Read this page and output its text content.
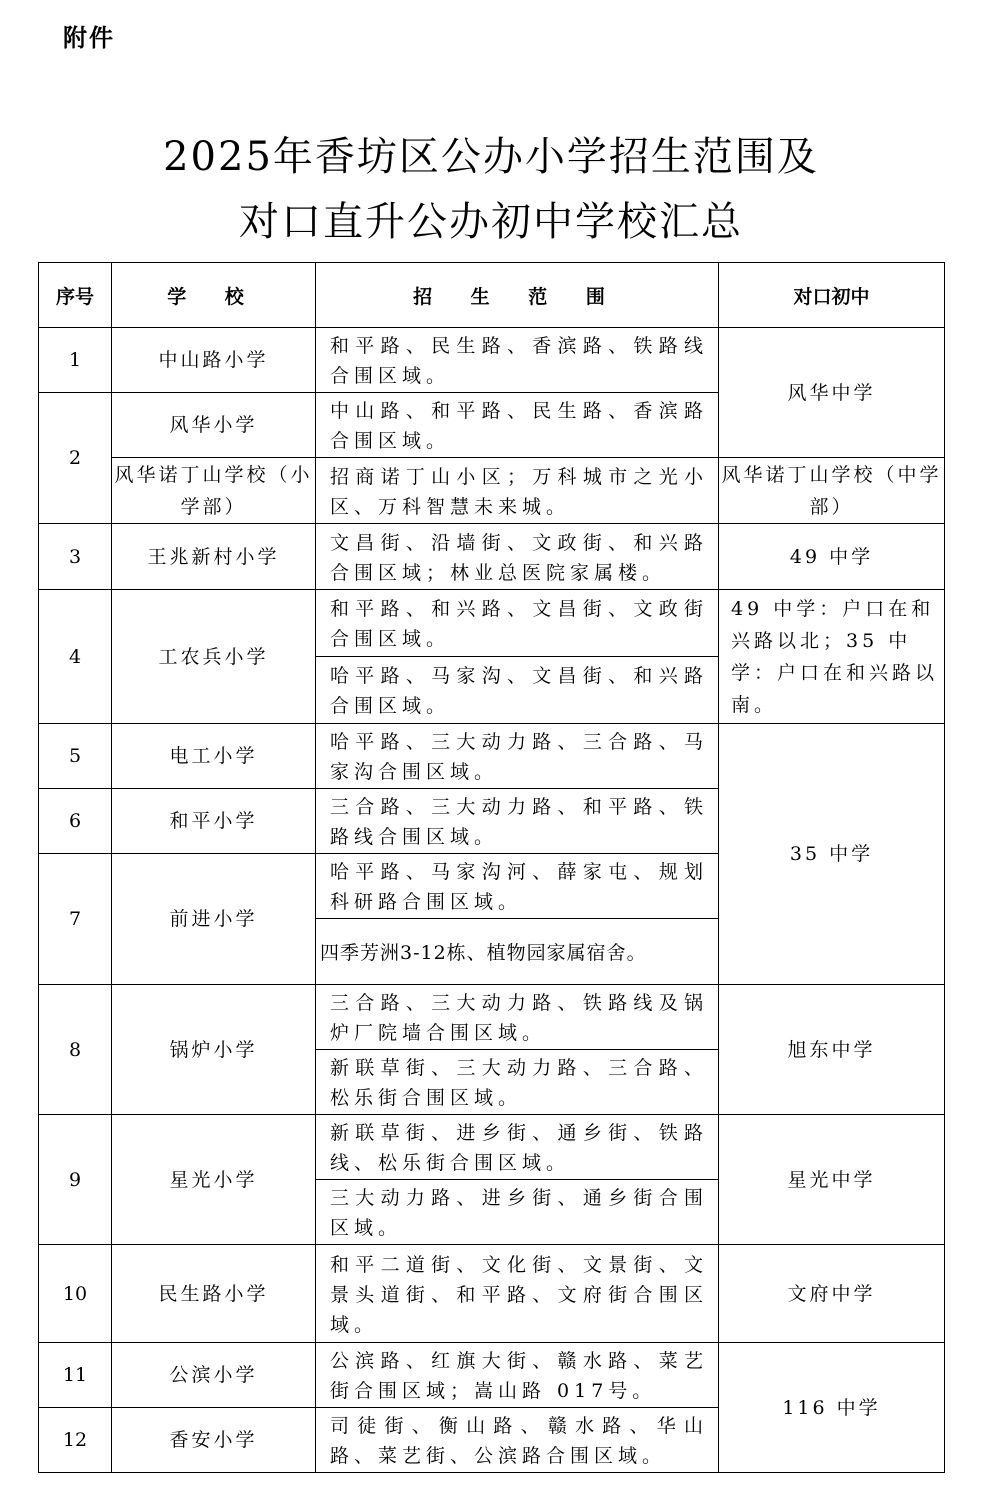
附件
2025年香坊区公办小学招生范围及
对口直升公办初中学校汇总
序号	学 校	招 生 范 围	对口初中
1	中山路小学	和平路、民生路、香滨路、铁路线合围区域。	风华中学
2	风华小学	中山路、和平路、民生路、香滨路合围区域。	
	风华诺丁山学校（小学部）	招商诺丁山小区；万科城市之光小区、万科智慧未来城。	风华诺丁山学校（中学部）
3	王兆新村小学	文昌街、沿墙街、文政街、和兴路合围区域；林业总医院家属楼。	49 中学
4	工农兵小学	和平路、和兴路、文昌街、文政街合围区域。	49 中学：户口在和兴路以北；35 中学：户口在和兴路以南。
		哈平路、马家沟、文昌街、和兴路合围区域。	
5	电工小学	哈平路、三大动力路、三合路、马家沟合围区域。	35 中学
6	和平小学	三合路、三大动力路、和平路、铁路线合围区域。	
7	前进小学	哈平路、马家沟河、薛家屯、规划科研路合围区域。	
		四季芳洲3-12栋、植物园家属宿舍。	
8	锅炉小学	三合路、三大动力路、铁路线及锅炉厂院墙合围区域。	旭东中学
		新联草街、三大动力路、三合路、松乐街合围区域。	
9	星光小学	新联草街、进乡街、通乡街、铁路线、松乐街合围区域。	星光中学
		三大动力路、进乡街、通乡街合围区域。	
10	民生路小学	和平二道街、文化街、文景街、文景头道街、和平路、文府街合围区域。	文府中学
11	公滨小学	公滨路、红旗大街、赣水路、菜艺街合围区域；嵩山路 017号。	116 中学
12	香安小学	司徒街、衡山路、赣水路、华山路、菜艺街、公滨路合围区域。	
